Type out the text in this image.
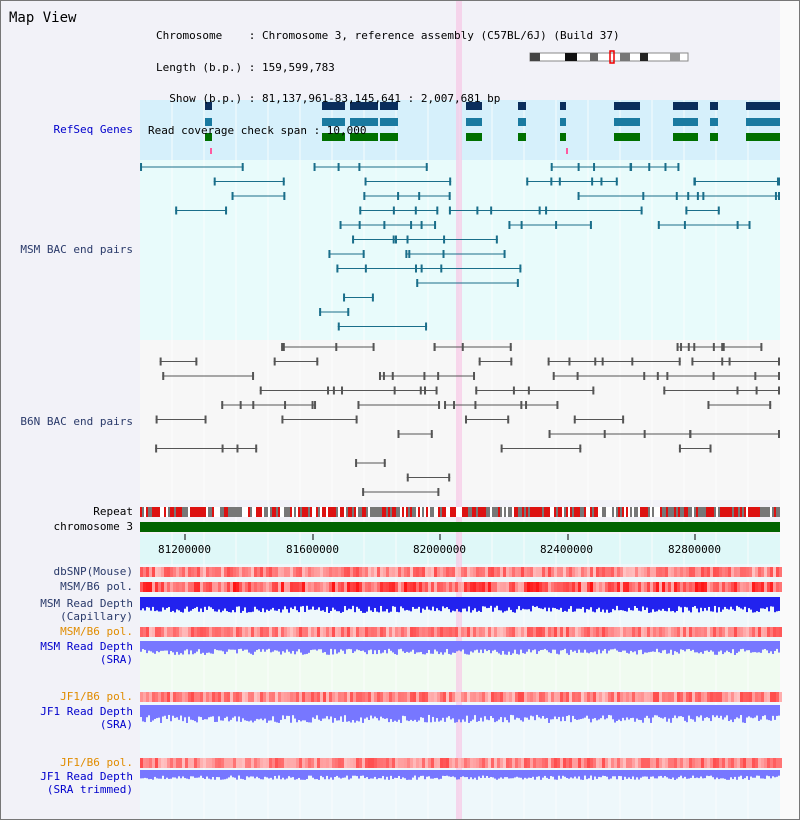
Map View

Chromosome    : Chromosome 3, reference assembly (C57BL/6J) (Build 37)

Length (b.p.) : 159,599,783

Show (b.p.) : 81,137,961-83,145,641 : 2,007,681 bp

Read coverage check span : 10,000

RefSeq Genes
MSM BAC end pairs
B6N BAC end pairs
Repeat
chromosome 3
dbSNP(Mouse)
MSM/B6 pol.
MSM Read Depth
(Capillary)
MSM/B6 pol.
MSM Read Depth
(SRA)
JF1/B6 pol.
JF1 Read Depth
(SRA)
JF1/B6 pol.
JF1 Read Depth
(SRA trimmed)
81200000	81600000	82000000	82400000	82800000
